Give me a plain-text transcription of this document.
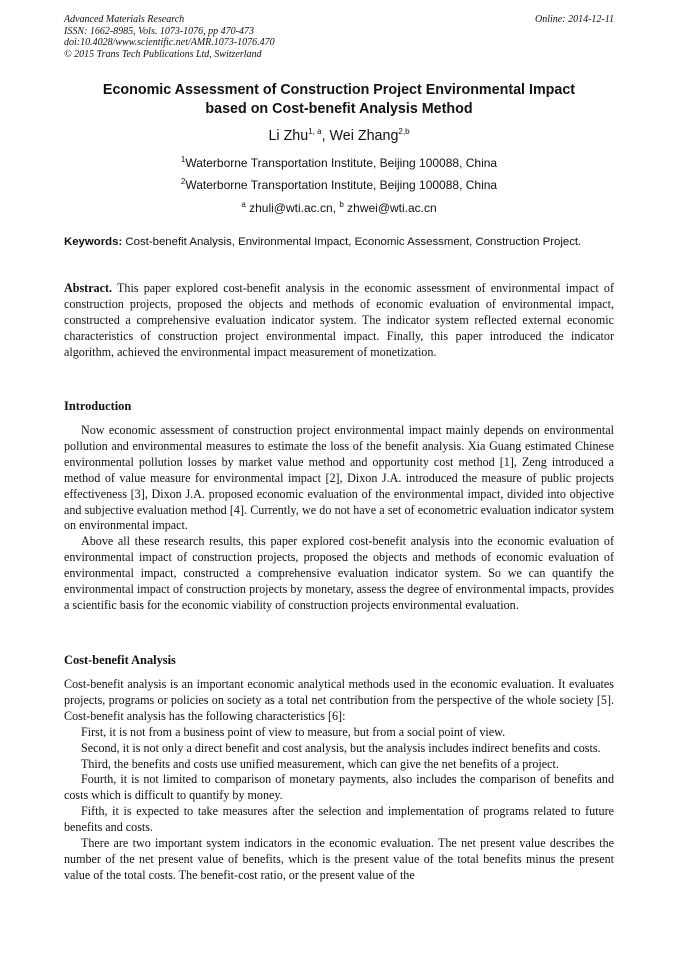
Advanced Materials Research
ISSN: 1662-8985, Vols. 1073-1076, pp 470-473
doi:10.4028/www.scientific.net/AMR.1073-1076.470
© 2015 Trans Tech Publications Ltd, Switzerland
Online: 2014-12-11
Economic Assessment of Construction Project Environmental Impact
based on Cost-benefit Analysis Method
Li Zhu$^{1, a}$, Wei Zhang$^{2,b}$
$^1$Waterborne Transportation Institute, Beijing 100088, China
$^2$Waterborne Transportation Institute, Beijing 100088, China
$^a$ zhuli@wti.ac.cn, $^b$ zhwei@wti.ac.cn
Keywords: Cost-benefit Analysis, Environmental Impact, Economic Assessment, Construction Project.

Abstract. This paper explored cost-benefit analysis in the economic assessment of environmental impact of construction projects, proposed the objects and methods of economic evaluation of environmental impact, constructed a comprehensive evaluation indicator system. The indicator system reflected external economic characteristics of construction project environmental impact. Finally, this paper introduced the indicator algorithm, achieved the environmental impact measurement of monetization.

Introduction

Now economic assessment of construction project environmental impact mainly depends on environmental pollution and environmental measures to estimate the loss of the benefit analysis. Xia Guang estimated Chinese environmental pollution losses by market value method and opportunity cost method [1], Zeng introduced a method of value measure for environmental impact [2], Dixon J.A. introduced the measure of public projects effectiveness [3], Dixon J.A. proposed economic evaluation of the environmental impact, divided into objective and subjective evaluation method [4]. Currently, we do not have a set of econometric evaluation indicator system on environmental impact.

Above all these research results, this paper explored cost-benefit analysis into the economic evaluation of environmental impact of construction projects, proposed the objects and methods of economic evaluation of environmental impact, constructed a comprehensive evaluation indicator system. So we can quantify the environmental impact of construction projects by monetary, assess the degree of environmental impacts, provides a scientific basis for the economic viability of construction projects environmental evaluation.

Cost-benefit Analysis

Cost-benefit analysis is an important economic analytical methods used in the economic evaluation. It evaluates projects, programs or policies on society as a total net contribution from the perspective of the whole society [5]. Cost-benefit analysis has the following characteristics [6]:

First, it is not from a business point of view to measure, but from a social point of view.

Second, it is not only a direct benefit and cost analysis, but the analysis includes indirect benefits and costs.

Third, the benefits and costs use unified measurement, which can give the net benefits of a project.

Fourth, it is not limited to comparison of monetary payments, also includes the comparison of benefits and costs which is difficult to quantify by money.

Fifth, it is expected to take measures after the selection and implementation of programs related to future benefits and costs.

There are two important system indicators in the economic evaluation. The net present value describes the number of the net present value of benefits, which is the present value of the total benefits minus the present value of the total costs. The benefit-cost ratio, or the present value of the
